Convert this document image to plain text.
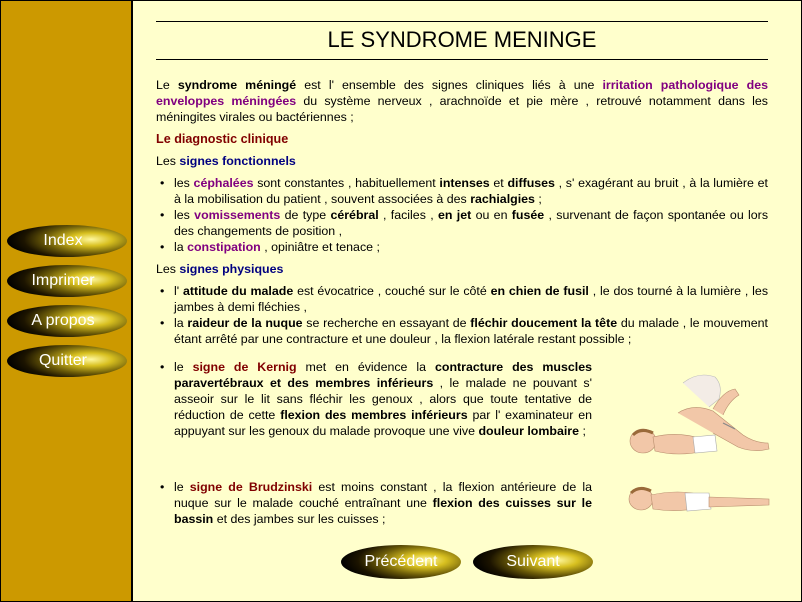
Index
Imprimer
A propos
Quitter
LE SYNDROME MENINGE

Le syndrome méningé est l' ensemble des signes cliniques liés à une irritation pathologique des enveloppes méningées du système nerveux , arachnoïde et pie mère , retrouvé notamment dans les méningites virales ou bactériennes ;

Le diagnostic clinique
Les signes fonctionnels
• les céphalées sont constantes , habituellement intenses et diffuses , s' exagérant au bruit , à la lumière et à la mobilisation du patient , souvent associées à des rachialgies ;
• les vomissements de type cérébral , faciles , en jet ou en fusée , survenant de façon spontanée ou lors des changements de position ,
• la constipation , opiniâtre et tenace ;
Les signes physiques
• l' attitude du malade est évocatrice , couché sur le côté en chien de fusil , le dos tourné à la lumière , les jambes à demi fléchies ,
• la raideur de la nuque se recherche en essayant de fléchir doucement la tête du malade , le mouvement étant arrêté par une contracture et une douleur , la flexion latérale restant possible ;
• le signe de Kernig met en évidence la contracture des muscles paravertébraux et des membres inférieurs , le malade ne pouvant s' asseoir sur le lit sans fléchir les genoux , alors que toute tentative de réduction de cette flexion des membres inférieurs par l' examinateur en appuyant sur les genoux du malade provoque une vive douleur lombaire ;
• le signe de Brudzinski est moins constant , la flexion antérieure de la nuque sur le malade couché entraînant une flexion des cuisses sur le bassin et des jambes sur les cuisses ;
Précédent	Suivant
